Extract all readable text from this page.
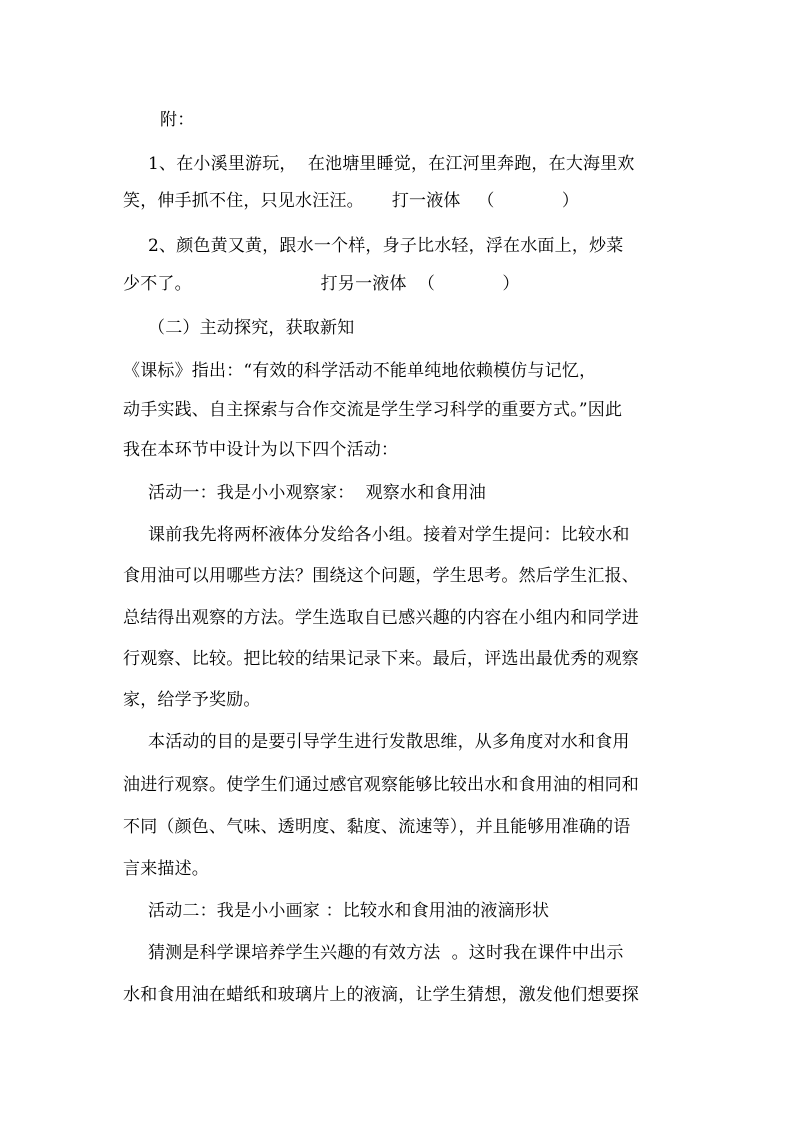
附：
1、在小溪里游玩，  在池塘里睡觉，在江河里奔跑，在大海里欢
笑，伸手抓不住，只见水汪汪。     打一液体   （            ）
2、颜色黄又黄，跟水一个样，身子比水轻，浮在水面上，炒菜
少不了。                       打另一液体  （            ）
（二）主动探究，获取新知
《课标》指出：“有效的科学活动不能单纯地依赖模仿与记忆，
动手实践、自主探索与合作交流是学生学习科学的重要方式。”因此
我在本环节中设计为以下四个活动：
活动一：我是小小观察家：  观察水和食用油
课前我先将两杯液体分发给各小组。接着对学生提问：比较水和
食用油可以用哪些方法？围绕这个问题，学生思考。然后学生汇报、
总结得出观察的方法。学生选取自已感兴趣的内容在小组内和同学进
行观察、比较。把比较的结果记录下来。最后，评选出最优秀的观察
家，给学予奖励。
本活动的目的是要引导学生进行发散思维，从多角度对水和食用
油进行观察。使学生们通过感官观察能够比较出水和食用油的相同和
不同（颜色、气味、透明度、黏度、流速等），并且能够用准确的语
言来描述。
活动二：我是小小画家 ：比较水和食用油的液滴形状
猜测是科学课培养学生兴趣的有效方法  。这时我在课件中出示
水和食用油在蜡纸和玻璃片上的液滴，让学生猜想，激发他们想要探
